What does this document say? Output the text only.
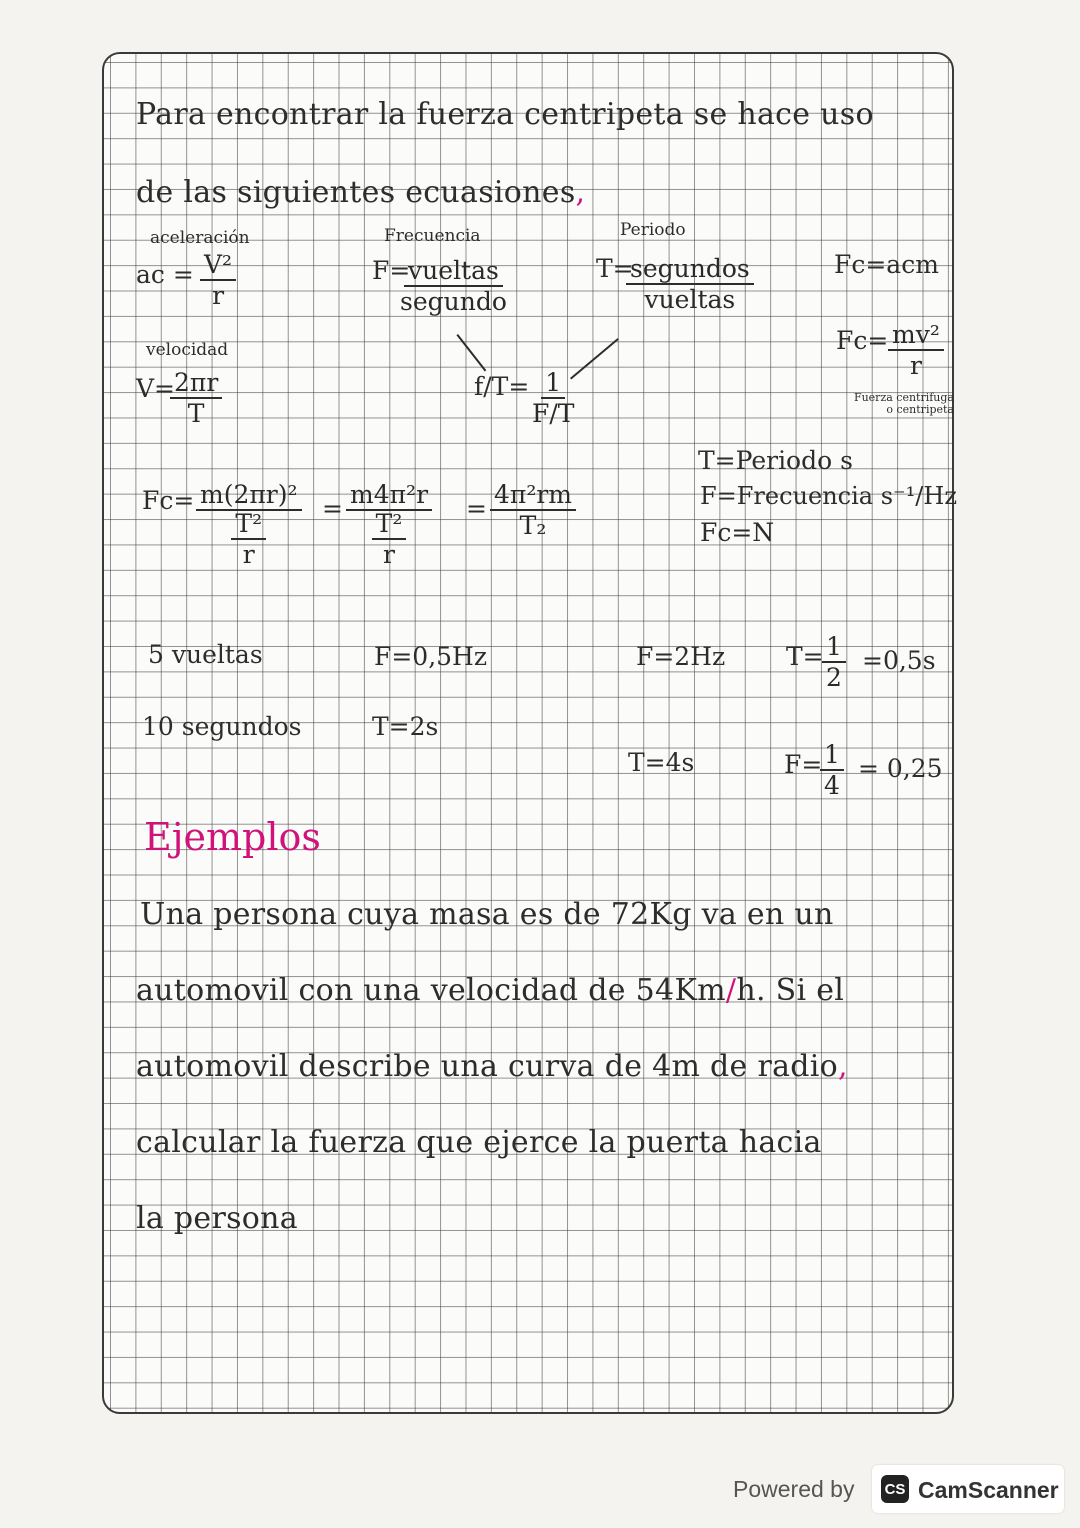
Para encontrar la fuerza centripeta se hace uso
de las siguientes ecuasiones,
aceleración
ac = $\frac{\text{V²}}{r}$
Frecuencia
F=
vueltas
segundo
Periodo
T=
segundos
vueltas
Fc=acm
$Fc= \frac{\text{mv²}}{r}$
Fuerza centrifuga o centripeta
velocidad
V=
$\frac{2\pi r}{T}$	$f/T= \frac{1}{F/T}$
Fc= m(2πr)²
T²
r
= m4π²r
T²
r
= $\frac{\text{4π²rm}}{\text{T₂}}$
T=Periodo s
F=Frecuencia s⁻¹/Hz
Fc=N
5 vueltas
10 segundos
F=0,5Hz
T=2s
F=2Hz T=
$\frac{1}{2} =0,5s$
T=4s	F=
$\frac{1}{4} = 0,25$
Ejemplos
Una persona cuya masa es de 72Kg va en un
automovil con una velocidad de 54Km/h. Si el
automovil describe una curva de 4m de radio,
calcular la fuerza que ejerce la puerta hacia
la persona
Powered by CS CamScanner
